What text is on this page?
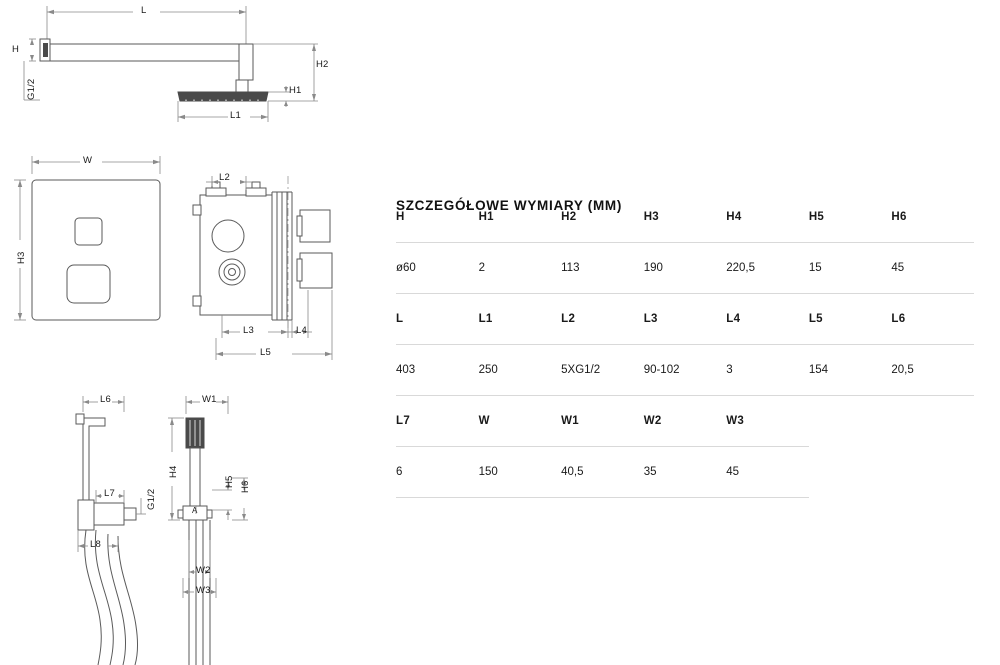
L
H
G1/2	H1
H2
L1
W
H3
L2
L3	L4
L5
L6
L7	G1/2
L8
W1
H4
H5 H6
A
W2
W3
SZCZEGÓŁOWE WYMIARY (MM)
H	H1	H2	H3	H4	H5	H6
ø60	2	113	190	220,5	15	45
L	L1	L2	L3	L4	L5	L6
403	250	5XG1/2	90-102	3	154	20,5
L7	W	W1	W2	W3		
6	150	40,5	35	45		
